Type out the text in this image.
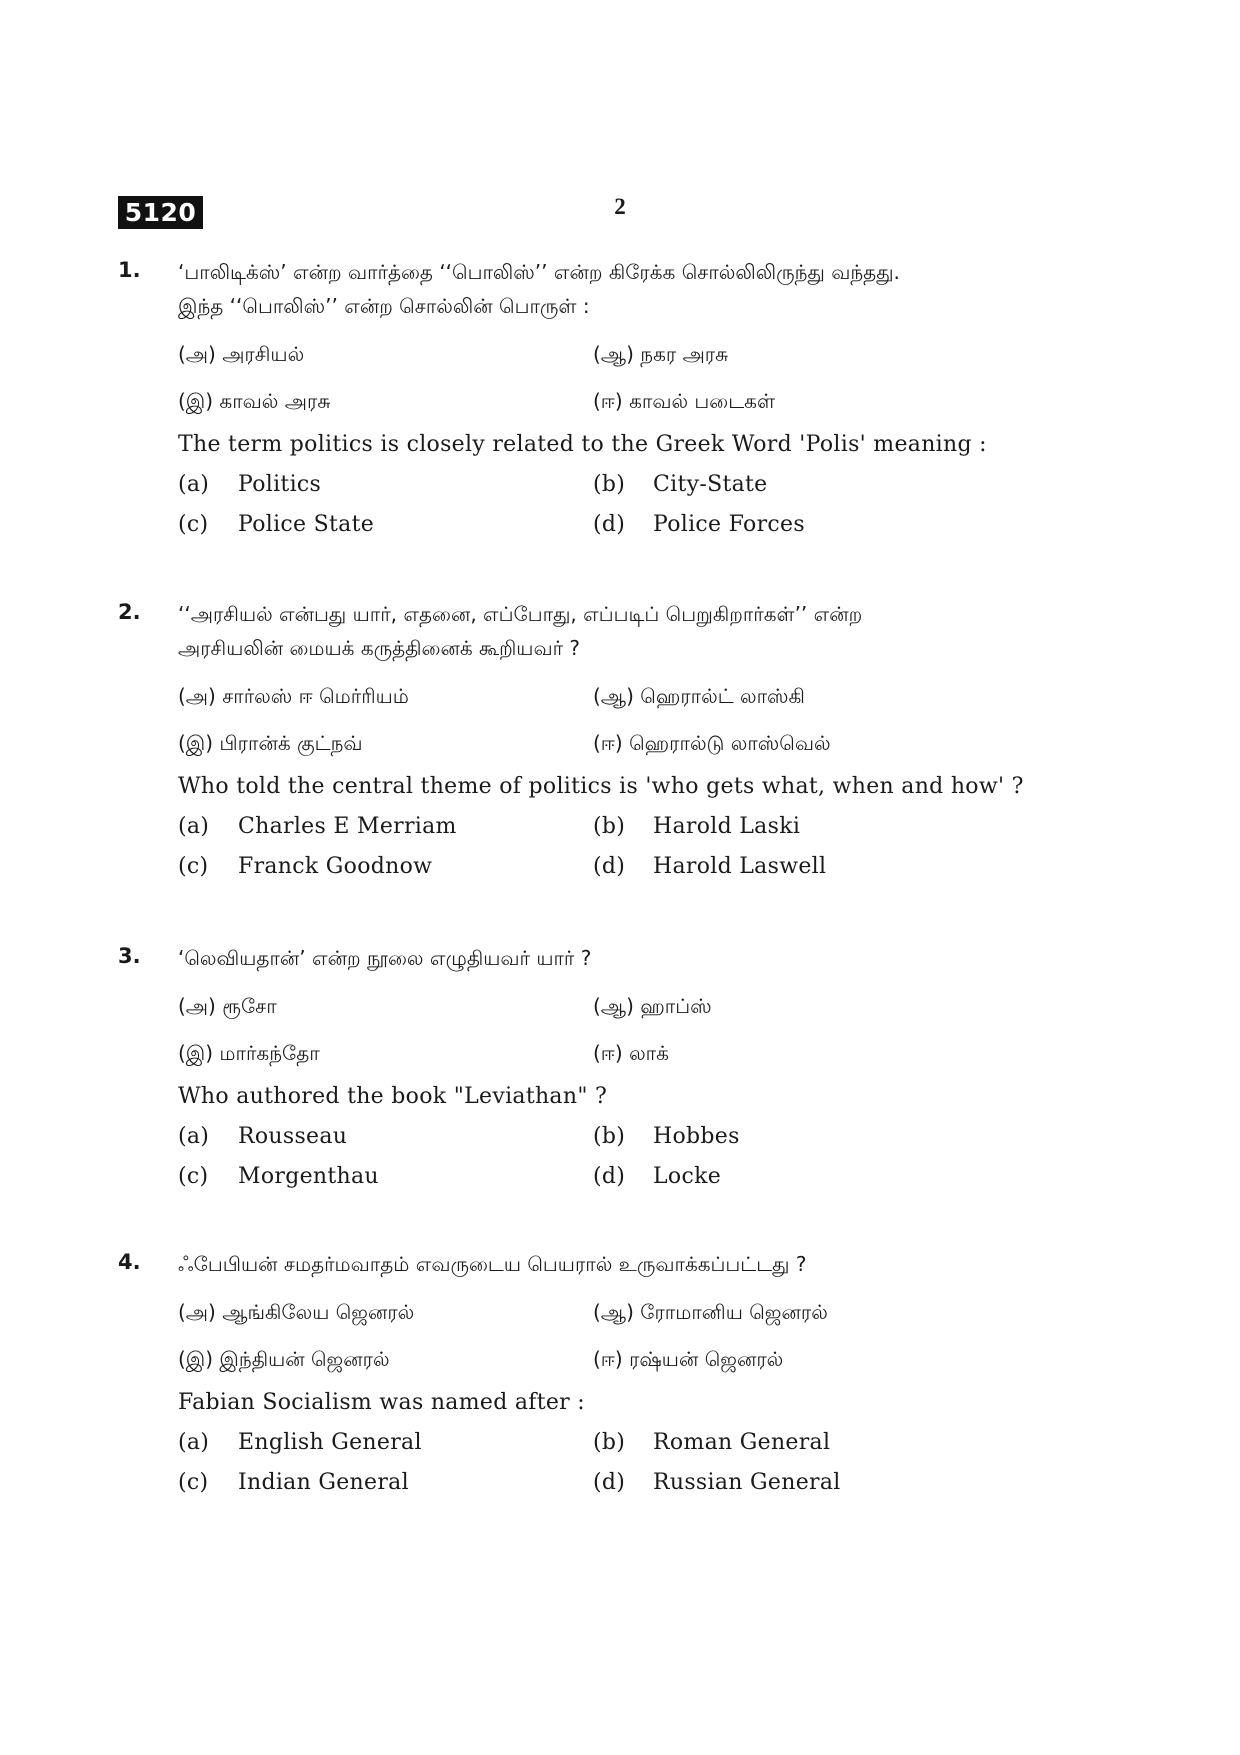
5120	2
1. ‘பாலிடிக்ஸ்’ என்ற வார்த்தை ‘‘பொலிஸ்’’ என்ற கிரேக்க சொல்லிலிருந்து வந்தது.
இந்த ‘‘பொலிஸ்’’ என்ற சொல்லின் பொருள் :
(அ) அரசியல்	(ஆ) நகர அரசு
(இ) காவல் அரசு	(ஈ) காவல் படைகள்
The term politics is closely related to the Greek Word 'Polis' meaning :
(a) Politics	(b) City-State
(c) Police State	(d) Police Forces
2. ‘‘அரசியல் என்பது யார், எதனை, எப்போது, எப்படிப் பெறுகிறார்கள்’’ என்ற
அரசியலின் மையக் கருத்தினைக் கூறியவர் ?
(அ) சார்லஸ் ஈ மெர்ரியம்	(ஆ) ஹெரால்ட் லாஸ்கி
(இ) பிரான்க் குட்நவ்	(ஈ) ஹெரால்டு லாஸ்வெல்
Who told the central theme of politics is 'who gets what, when and how' ?
(a) Charles E Merriam	(b) Harold Laski
(c) Franck Goodnow	(d) Harold Laswell
3. ‘லெவியதான்’ என்ற நூலை எழுதியவர் யார் ?
(அ) ரூசோ	(ஆ) ஹாப்ஸ்
(இ) மார்கந்தோ	(ஈ) லாக்
Who authored the book "Leviathan" ?
(a) Rousseau	(b) Hobbes
(c) Morgenthau	(d) Locke
4. ஃபேபியன் சமதர்மவாதம் எவருடைய பெயரால் உருவாக்கப்பட்டது ?
(அ) ஆங்கிலேய ஜெனரல்	(ஆ) ரோமானிய ஜெனரல்
(இ) இந்தியன் ஜெனரல்	(ஈ) ரஷ்யன் ஜெனரல்
Fabian Socialism was named after :
(a) English General	(b) Roman General
(c) Indian General	(d) Russian General
